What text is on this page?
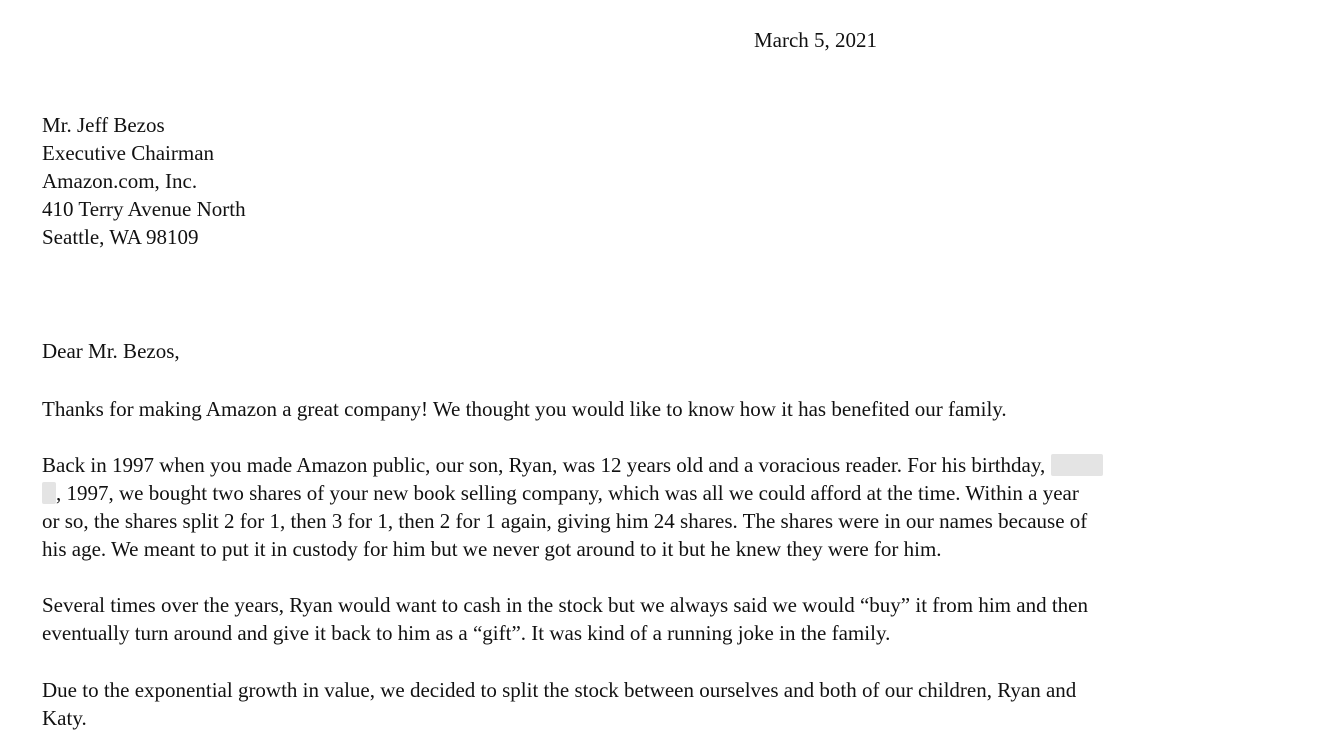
March 5, 2021
Mr. Jeff Bezos
Executive Chairman
Amazon.com, Inc.
410 Terry Avenue North
Seattle, WA 98109
Dear Mr. Bezos,
Thanks for making Amazon a great company! We thought you would like to know how it has benefited our family.
Back in 1997 when you made Amazon public, our son, Ryan, was 12 years old and a voracious reader. For his birthday,
, 1997, we bought two shares of your new book selling company, which was all we could afford at the time. Within a year
or so, the shares split 2 for 1, then 3 for 1, then 2 for 1 again, giving him 24 shares. The shares were in our names because of
his age. We meant to put it in custody for him but we never got around to it but he knew they were for him.
Several times over the years, Ryan would want to cash in the stock but we always said we would “buy” it from him and then
eventually turn around and give it back to him as a “gift”. It was kind of a running joke in the family.
Due to the exponential growth in value, we decided to split the stock between ourselves and both of our children, Ryan and
Katy.
